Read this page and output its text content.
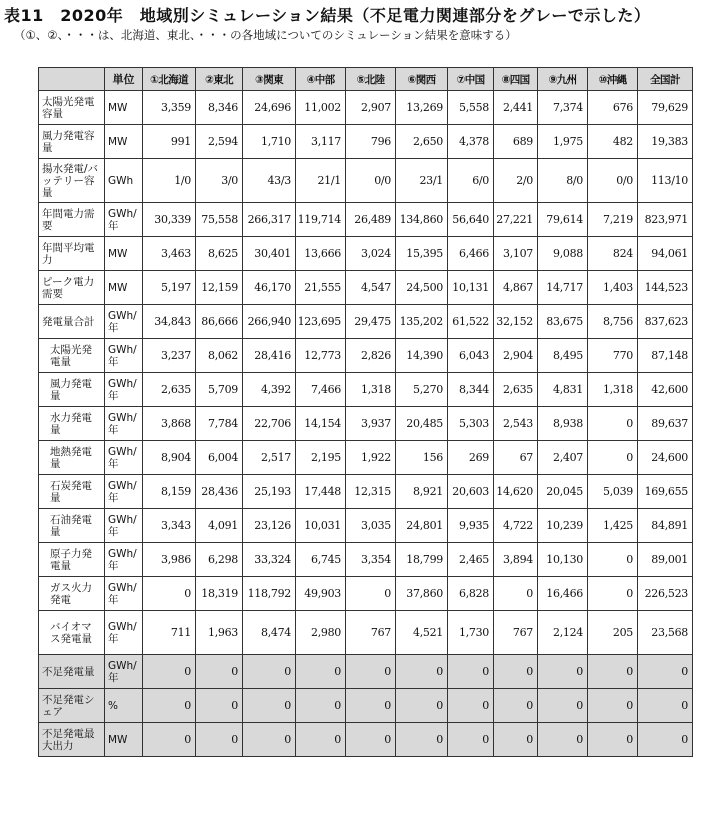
表11　2020年　地域別シミュレーション結果（不足電力関連部分をグレーで示した）
（①、②、・・・は、北海道、東北、・・・の各地域についてのシミュレーション結果を意味する）
	単位	①北海道	②東北	③関東	④中部	⑤北陸	⑥関西	⑦中国	⑧四国	⑨九州	⑩沖縄	全国計
太陽光発電容量	MW	3,359	8,346	24,696	11,002	2,907	13,269	5,558	2,441	7,374	676	79,629
風力発電容量	MW	991	2,594	1,710	3,117	796	2,650	4,378	689	1,975	482	19,383
揚水発電/バッテリー容量	GWh	1/0	3/0	43/3	21/1	0/0	23/1	6/0	2/0	8/0	0/0	113/10
年間電力需要	GWh/年	30,339	75,558	266,317	119,714	26,489	134,860	56,640	27,221	79,614	7,219	823,971
年間平均電力	MW	3,463	8,625	30,401	13,666	3,024	15,395	6,466	3,107	9,088	824	94,061
ピーク電力需要	MW	5,197	12,159	46,170	21,555	4,547	24,500	10,131	4,867	14,717	1,403	144,523
発電量合計	GWh/年	34,843	86,666	266,940	123,695	29,475	135,202	61,522	32,152	83,675	8,756	837,623
太陽光発電量	GWh/年	3,237	8,062	28,416	12,773	2,826	14,390	6,043	2,904	8,495	770	87,148
風力発電量	GWh/年	2,635	5,709	4,392	7,466	1,318	5,270	8,344	2,635	4,831	1,318	42,600
水力発電量	GWh/年	3,868	7,784	22,706	14,154	3,937	20,485	5,303	2,543	8,938	0	89,637
地熱発電量	GWh/年	8,904	6,004	2,517	2,195	1,922	156	269	67	2,407	0	24,600
石炭発電量	GWh/年	8,159	28,436	25,193	17,448	12,315	8,921	20,603	14,620	20,045	5,039	169,655
石油発電量	GWh/年	3,343	4,091	23,126	10,031	3,035	24,801	9,935	4,722	10,239	1,425	84,891
原子力発電量	GWh/年	3,986	6,298	33,324	6,745	3,354	18,799	2,465	3,894	10,130	0	89,001
ガス火力発電	GWh/年	0	18,319	118,792	49,903	0	37,860	6,828	0	16,466	0	226,523
バイオマス発電量	GWh/年	711	1,963	8,474	2,980	767	4,521	1,730	767	2,124	205	23,568
不足発電量	GWh/年	0	0	0	0	0	0	0	0	0	0	0
不足発電シェア	%	0	0	0	0	0	0	0	0	0	0	0
不足発電最大出力	MW	0	0	0	0	0	0	0	0	0	0	0
